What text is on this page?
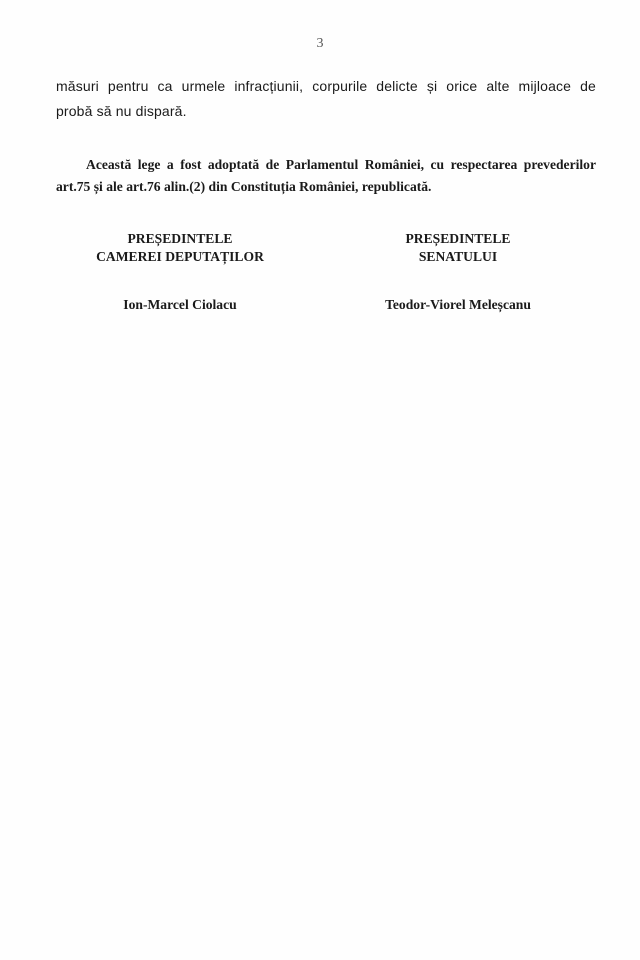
3
măsuri pentru ca urmele infracțiunii, corpurile delicte și orice alte mijloace de
probă să nu dispară.
Această lege a fost adoptată de Parlamentul României, cu respectarea prevederilor
art.75 și ale art.76 alin.(2) din Constituția României, republicată.
PREȘEDINTELE
CAMEREI DEPUTAȚILOR
PREȘEDINTELE
SENATULUI
Ion-Marcel Ciolacu	Teodor-Viorel Meleșcanu
